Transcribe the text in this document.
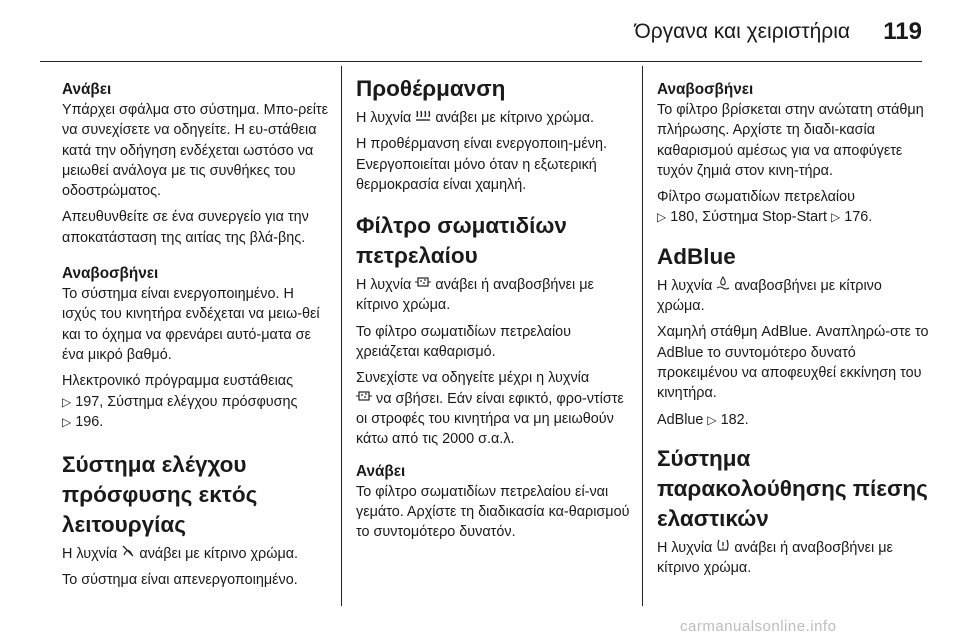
Όργανα και χειριστήρια 119
Ανάβει

Υπάρχει σφάλμα στο σύστημα. Μπο-ρείτε να συνεχίσετε να οδηγείτε. Η ευ-στάθεια κατά την οδήγηση ενδέχεται ωστόσο να μειωθεί ανάλογα με τις συνθήκες του οδοστρώματος.

Απευθυνθείτε σε ένα συνεργείο για την αποκατάσταση της αιτίας της βλά-βης.

Αναβοσβήνει

Το σύστημα είναι ενεργοποιημένο. Η ισχύς του κινητήρα ενδέχεται να μειω-θεί και το όχημα να φρενάρει αυτό-ματα σε ένα μικρό βαθμό.

Ηλεκτρονικό πρόγραμμα ευστάθειας
▷ 197, Σύστημα ελέγχου πρόσφυσης
▷ 196.

Σύστημα ελέγχου πρόσφυσης εκτός λειτουργίας

Η λυχνία ανάβει με κίτρινο χρώμα.

Το σύστημα είναι απενεργοποιημένο.

Προθέρμανση

Η λυχνία ανάβει με κίτρινο χρώμα.

Η προθέρμανση είναι ενεργοποιη-μένη. Ενεργοποιείται μόνο όταν η εξωτερική θερμοκρασία είναι χαμηλή.

Φίλτρο σωματιδίων πετρελαίου

Η λυχνία ανάβει ή αναβοσβήνει με κίτρινο χρώμα.

Το φίλτρο σωματιδίων πετρελαίου χρειάζεται καθαρισμό.

Συνεχίστε να οδηγείτε μέχρι η λυχνία
να σβήσει. Εάν είναι εφικτό, φρο-ντίστε οι στροφές του κινητήρα να μη μειωθούν κάτω από τις 2000 σ.α.λ.

Ανάβει

Το φίλτρο σωματιδίων πετρελαίου εί-ναι γεμάτο. Αρχίστε τη διαδικασία κα-θαρισμού το συντομότερο δυνατόν.

Αναβοσβήνει

Το φίλτρο βρίσκεται στην ανώτατη στάθμη πλήρωσης. Αρχίστε τη διαδι-κασία καθαρισμού αμέσως για να αποφύγετε τυχόν ζημιά στον κινη-τήρα.

Φίλτρο σωματιδίων πετρελαίου
▷ 180, Σύστημα Stop-Start ▷ 176.

AdBlue

Η λυχνία αναβοσβήνει με κίτρινο χρώμα.

Χαμηλή στάθμη AdBlue. Αναπληρώ-στε το AdBlue το συντομότερο δυνατό προκειμένου να αποφευχθεί εκκίνηση του κινητήρα.

AdBlue ▷ 182.

Σύστημα παρακολούθησης πίεσης ελαστικών

Η λυχνία ανάβει ή αναβοσβήνει με κίτρινο χρώμα.

carmanualsonline.info
